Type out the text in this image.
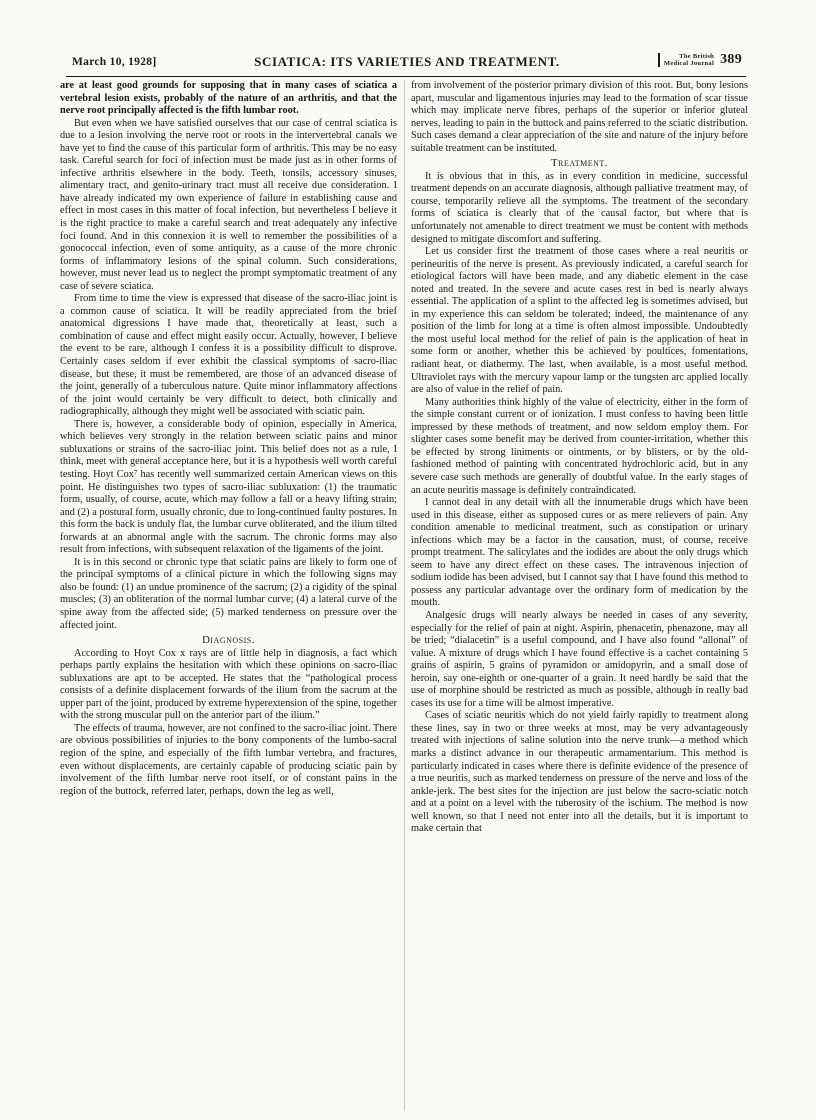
March 10, 1928]	SCIATICA: ITS VARIETIES AND TREATMENT.	The British
Medical Journal 389

are at least good grounds for supposing that in many cases of sciatica a vertebral lesion exists, probably of the nature of an arthritis, and that the nerve root principally affected is the fifth lumbar root.

But even when we have satisfied ourselves that our case of central sciatica is due to a lesion involving the nerve root or roots in the intervertebral canals we have yet to find the cause of this particular form of arthritis. This may be no easy task. Careful search for foci of infection must be made just as in other forms of infective arthritis elsewhere in the body. Teeth, tonsils, accessory sinuses, alimentary tract, and genito-urinary tract must all receive due consideration. I have already indicated my own experience of failure in establishing cause and effect in most cases in this matter of focal infection, but nevertheless I believe it is the right practice to make a careful search and treat adequately any infective foci found. And in this connexion it is well to remember the possibilities of a gonococcal infection, even of some antiquity, as a cause of the more chronic forms of inflammatory lesions of the spinal column. Such considerations, however, must never lead us to neglect the prompt symptomatic treatment of any case of severe sciatica.

From time to time the view is expressed that disease of the sacro-iliac joint is a common cause of sciatica. It will be readily appreciated from the brief anatomical digressions I have made that, theoretically at least, such a combination of cause and effect might easily occur. Actually, however, I believe the event to be rare, although I confess it is a possibility difficult to disprove. Certainly cases seldom if ever exhibit the classical symptoms of sacro-iliac disease, but these, it must be remembered, are those of an advanced disease of the joint, generally of a tuberculous nature. Quite minor inflammatory affections of the joint would certainly be very difficult to detect, both clinically and radiographically, although they might well be associated with sciatic pain.

There is, however, a considerable body of opinion, especially in America, which believes very strongly in the relation between sciatic pains and minor subluxations or strains of the sacro-iliac joint. This belief does not as a rule, I think, meet with general acceptance here, but it is a hypothesis well worth careful testing. Hoyt Cox⁷ has recently well summarized certain American views on this point. He distinguishes two types of sacro-iliac subluxation: (1) the traumatic form, usually, of course, acute, which may follow a fall or a heavy lifting strain; and (2) a postural form, usually chronic, due to long-continued faulty postures. In this form the back is unduly flat, the lumbar curve obliterated, and the ilium tilted forwards at an abnormal angle with the sacrum. The chronic forms may also result from infections, with subsequent relaxation of the ligaments of the joint.

It is in this second or chronic type that sciatic pains are likely to form one of the principal symptoms of a clinical picture in which the following signs may also be found: (1) an undue prominence of the sacrum; (2) a rigidity of the spinal muscles; (3) an obliteration of the normal lumbar curve; (4) a lateral curve of the spine away from the affected side; (5) marked tenderness on pressure over the affected joint.

Diagnosis.

According to Hoyt Cox x rays are of little help in diagnosis, a fact which perhaps partly explains the hesitation with which these opinions on sacro-iliac subluxations are apt to be accepted. He states that the “pathological process consists of a definite displacement forwards of the ilium from the sacrum at the upper part of the joint, produced by extreme hyperextension of the spine, together with the strong muscular pull on the anterior part of the ilium.”

The effects of trauma, however, are not confined to the sacro-iliac joint. There are obvious possibilities of injuries to the bony components of the lumbo-sacral region of the spine, and especially of the fifth lumbar vertebra, and fractures, even without displacements, are certainly capable of producing sciatic pain by involvement of the fifth lumbar nerve root itself, or of constant pains in the region of the buttock, referred later, perhaps, down the leg as well,

from involvement of the posterior primary division of this root. But, bony lesions apart, muscular and ligamentous injuries may lead to the formation of scar tissue which may implicate nerve fibres, perhaps of the superior or inferior gluteal nerves, leading to pain in the buttock and pains referred to the sciatic distribution. Such cases demand a clear appreciation of the site and nature of the injury before suitable treatment can be instituted.

Treatment.

It is obvious that in this, as in every condition in medicine, successful treatment depends on an accurate diagnosis, although palliative treatment may, of course, temporarily relieve all the symptoms. The treatment of the secondary forms of sciatica is clearly that of the causal factor, but where that is unfortunately not amenable to direct treatment we must be content with methods designed to mitigate discomfort and suffering.

Let us consider first the treatment of those cases where a real neuritis or perineuritis of the nerve is present. As previously indicated, a careful search for etiological factors will have been made, and any diabetic element in the case noted and treated. In the severe and acute cases rest in bed is nearly always essential. The application of a splint to the affected leg is sometimes advised, but in my experience this can seldom be tolerated; indeed, the maintenance of any position of the limb for long at a time is often almost impossible. Undoubtedly the most useful local method for the relief of pain is the application of heat in some form or another, whether this be achieved by poultices, fomentations, radiant heat, or diathermy. The last, when available, is a most useful method. Ultraviolet rays with the mercury vapour lamp or the tungsten arc applied locally are also of value in the relief of pain.

Many authorities think highly of the value of electricity, either in the form of the simple constant current or of ionization. I must confess to having been little impressed by these methods of treatment, and now seldom employ them. For slighter cases some benefit may be derived from counter-irritation, whether this be effected by strong liniments or ointments, or by blisters, or by the old-fashioned method of painting with concentrated hydrochloric acid, but in any severe case such methods are generally of doubtful value. In the early stages of an acute neuritis massage is definitely contraindicated.

I cannot deal in any detail with all the innumerable drugs which have been used in this disease, either as supposed cures or as mere relievers of pain. Any condition amenable to medicinal treatment, such as constipation or urinary infections which may be a factor in the causation, must, of course, receive prompt treatment. The salicylates and the iodides are about the only drugs which seem to have any direct effect on these cases. The intravenous injection of sodium iodide has been advised, but I cannot say that I have found this method to possess any particular advantage over the ordinary form of medication by the mouth.

Analgesic drugs will nearly always be needed in cases of any severity, especially for the relief of pain at night. Aspirin, phenacetin, phenazone, may all be tried; “dialacetin” is a useful compound, and I have also found “allonal” of value. A mixture of drugs which I have found effective is a cachet containing 5 grains of aspirin, 5 grains of pyramidon or amidopyrin, and a small dose of heroin, say one-eighth or one-quarter of a grain. It need hardly be said that the use of morphine should be restricted as much as possible, although in really bad cases its use for a time will be almost imperative.

Cases of sciatic neuritis which do not yield fairly rapidly to treatment along these lines, say in two or three weeks at most, may be very advantageously treated with injections of saline solution into the nerve trunk—a method which marks a distinct advance in our therapeutic armamentarium. This method is particularly indicated in cases where there is definite evidence of the presence of a true neuritis, such as marked tenderness on pressure of the nerve and loss of the ankle-jerk. The best sites for the injection are just below the sacro-sciatic notch and at a point on a level with the tuberosity of the ischium. The method is now well known, so that I need not enter into all the details, but it is important to make certain that
